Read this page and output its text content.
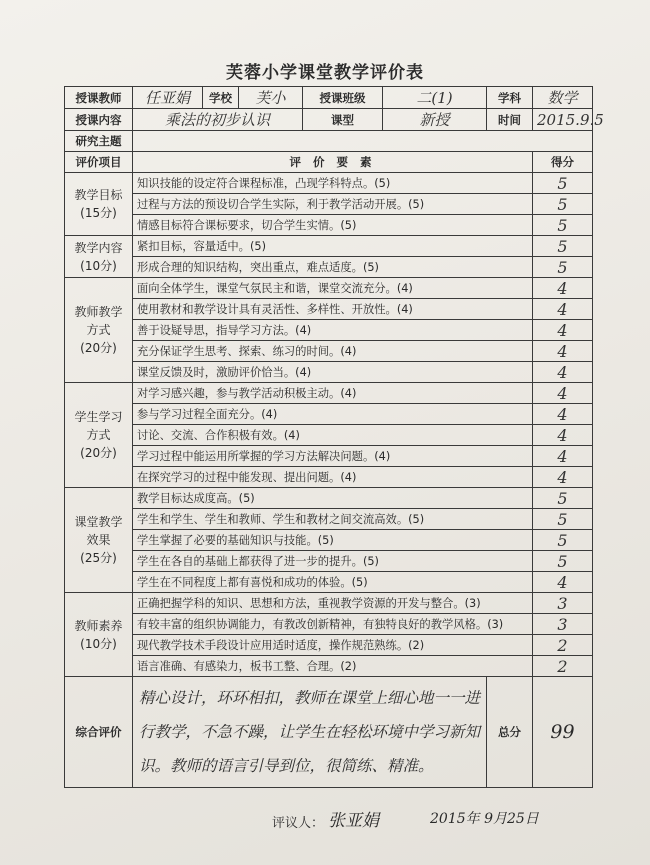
芙蓉小学课堂教学评价表
授课教师	任亚娟	学校	芙小	授课班级	二(1)	学科	数学
授课内容	乘法的初步认识			课型	新授	时间	2015.9.5
研究主题							
评价项目	评 价 要 素						得分

教学目标
(15分)	知识技能的设定符合课程标准，凸现学科特点。(5)						5
	过程与方法的预设切合学生实际，利于教学活动开展。(5)						5
	情感目标符合课标要求，切合学生实情。(5)						5

教学内容
(10分)	紧扣目标，容量适中。(5)						5
	形成合理的知识结构，突出重点，难点适度。(5)						5

教师教学方式
(20分)	面向全体学生，课堂气氛民主和谐，课堂交流充分。(4)						4
	使用教材和教学设计具有灵活性、多样性、开放性。(4)						4
	善于设疑导思，指导学习方法。(4)						4
	充分保证学生思考、探索、练习的时间。(4)						4
	课堂反馈及时，激励评价恰当。(4)						4

学生学习方式
(20分)	对学习感兴趣，参与教学活动积极主动。(4)						4
	参与学习过程全面充分。(4)						4
	讨论、交流、合作积极有效。(4)						4
	学习过程中能运用所掌握的学习方法解决问题。(4)						4
	在探究学习的过程中能发现、提出问题。(4)						4

课堂教学效果
(25分)	教学目标达成度高。(5)						5
	学生和学生、学生和教师、学生和教材之间交流高效。(5)						5
	学生掌握了必要的基础知识与技能。(5)						5
	学生在各自的基础上都获得了进一步的提升。(5)						5
	学生在不同程度上都有喜悦和成功的体验。(5)						4

教师素养
(10分)	正确把握学科的知识、思想和方法，重视教学资源的开发与整合。(3)						3
	有较丰富的组织协调能力，有教改创新精神，有独特良好的教学风格。(3)						3
	现代教学技术手段设计应用适时适度，操作规范熟练。(2)						2
	语言准确、有感染力，板书工整、合理。(2)						2
综合评价	精心设计，环环相扣，教师在课堂上细心地一一进行教学，不急不躁，让学生在轻松环境中学习新知识。教师的语言引导到位，很简练、精准。					总分	99
评议人： 张亚娟	2015年 9月25日
